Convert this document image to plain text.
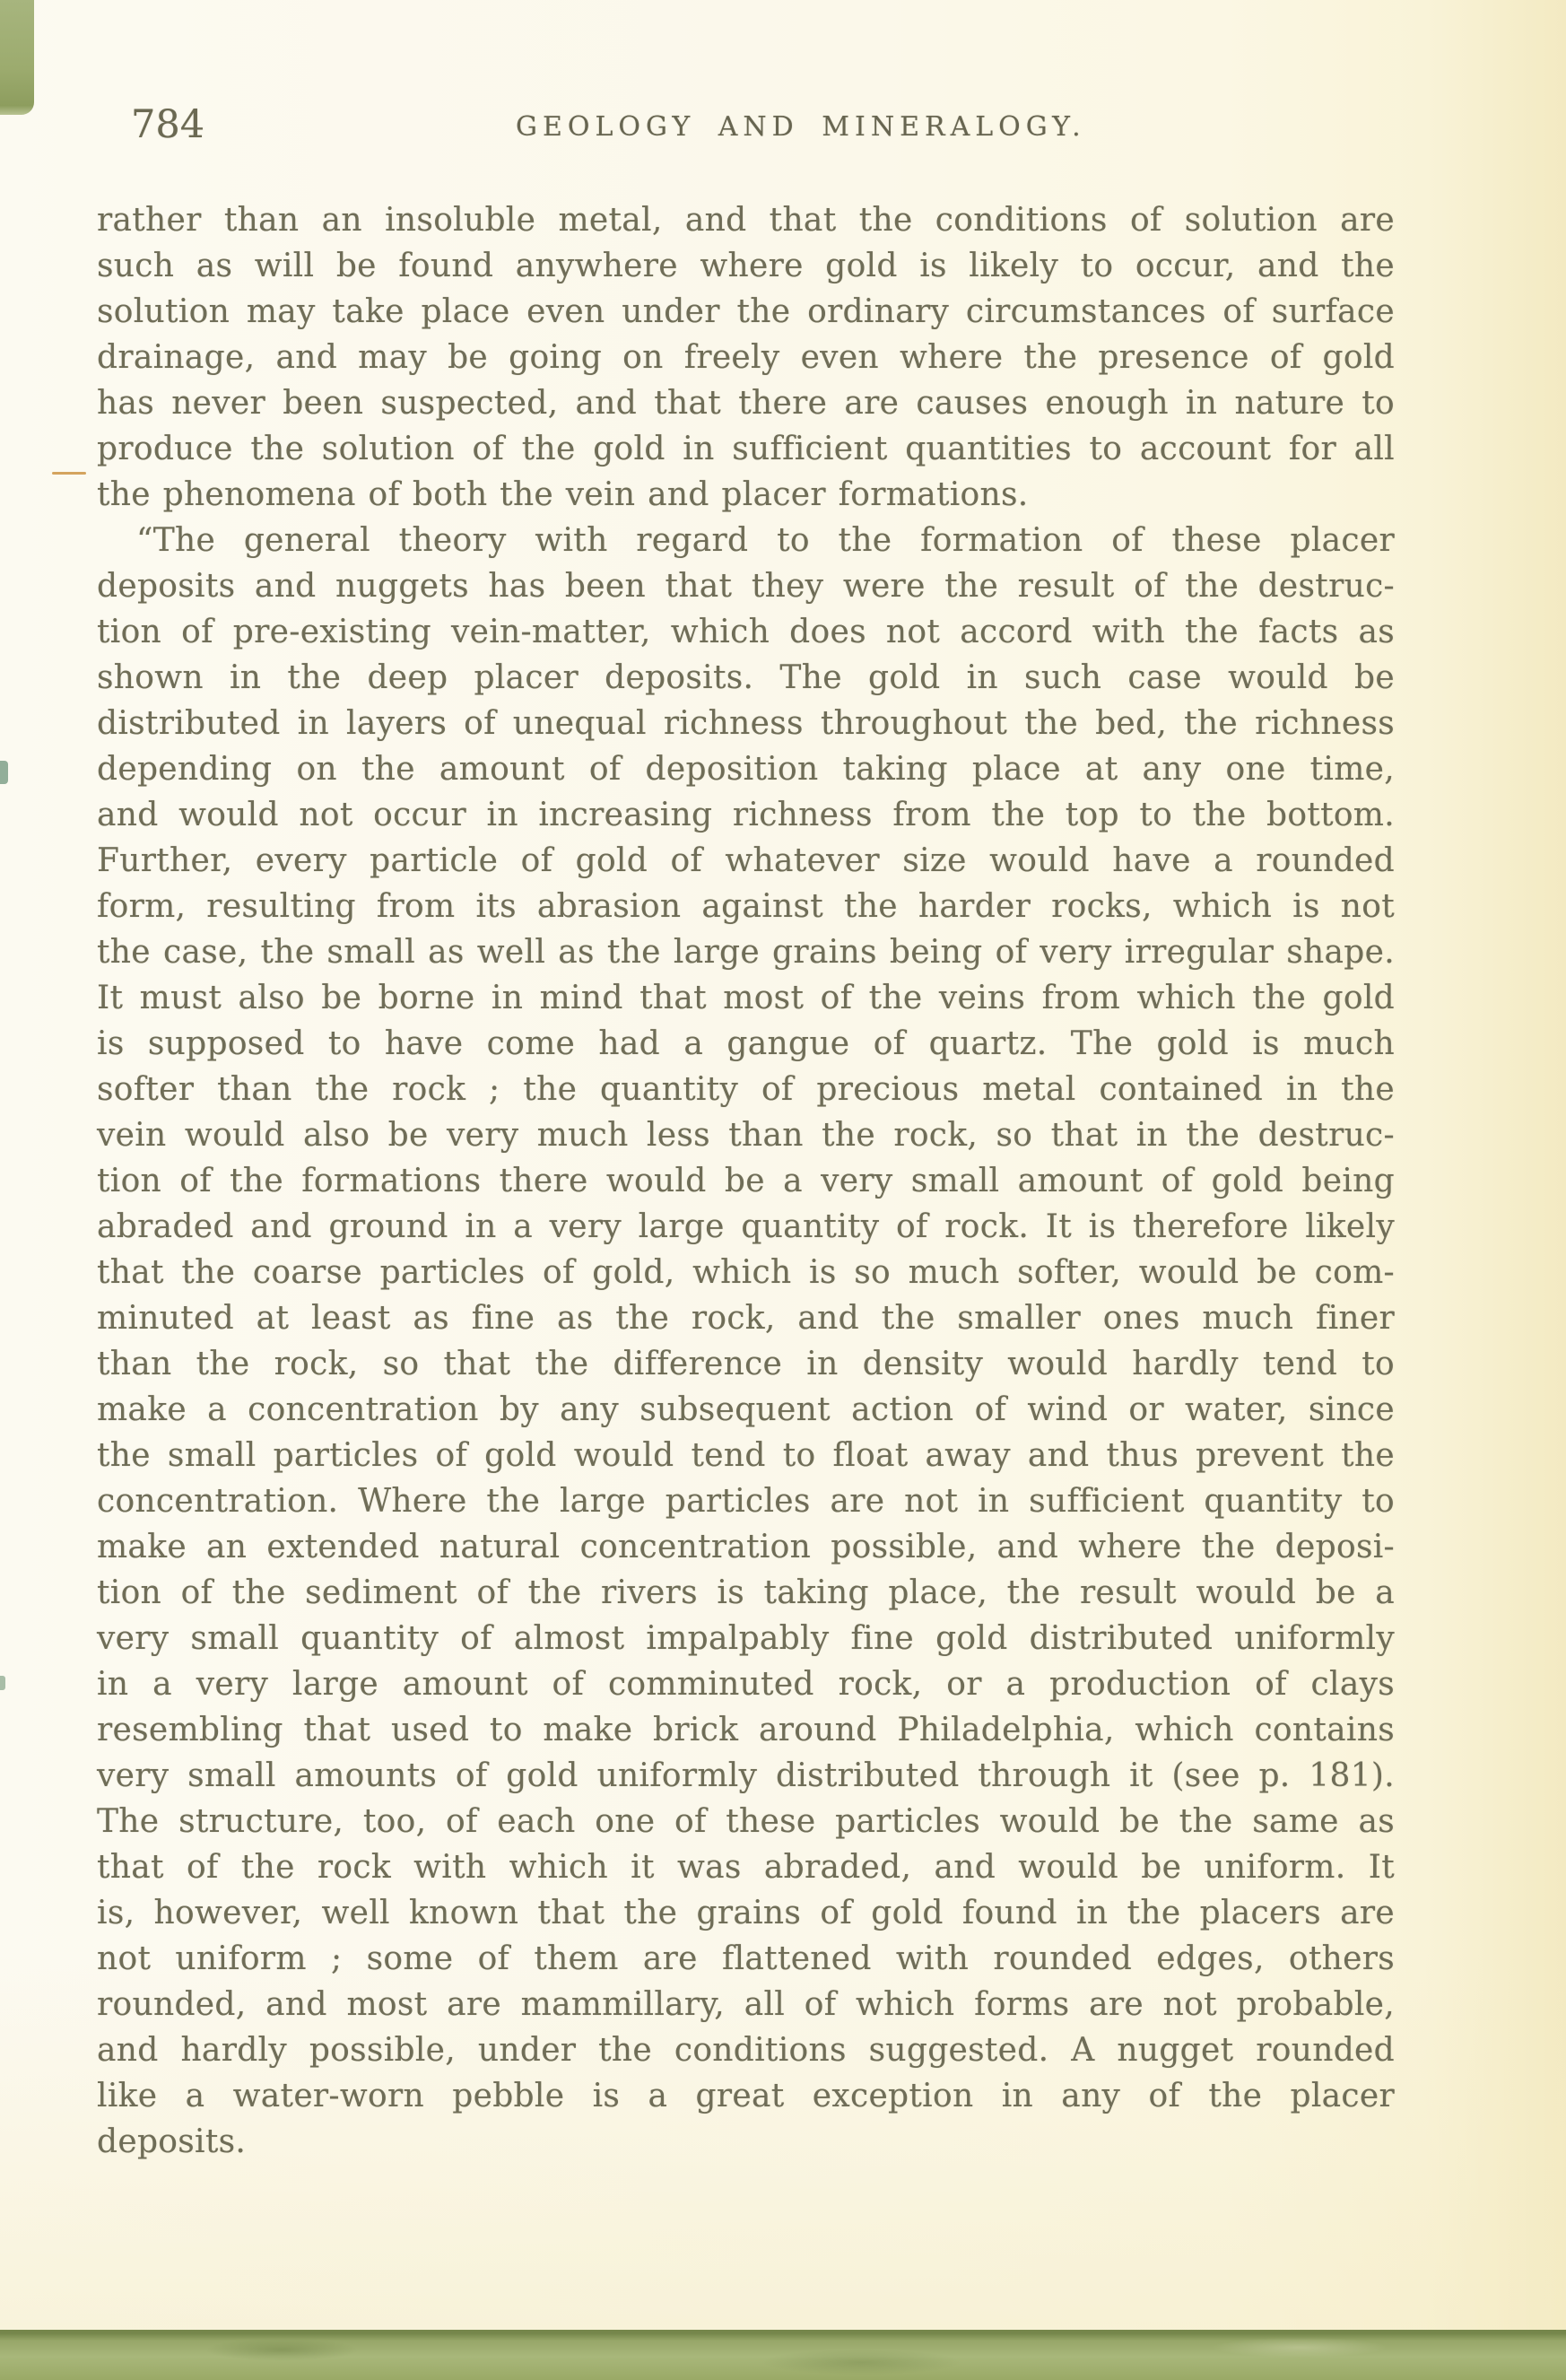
784	GEOLOGY AND MINERALOGY.
rather than an insoluble metal, and that the conditions of solution are
such as will be found anywhere where gold is likely to occur, and the
solution may take place even under the ordinary circumstances of surface
drainage, and may be going on freely even where the presence of gold
has never been suspected, and that there are causes enough in nature to
produce the solution of the gold in sufficient quantities to account for all
the phenomena of both the vein and placer formations.
“The general theory with regard to the formation of these placer
deposits and nuggets has been that they were the result of the destruc-
tion of pre-existing vein-matter, which does not accord with the facts as
shown in the deep placer deposits. The gold in such case would be
distributed in layers of unequal richness throughout the bed, the richness
depending on the amount of deposition taking place at any one time,
and would not occur in increasing richness from the top to the bottom.
Further, every particle of gold of whatever size would have a rounded
form, resulting from its abrasion against the harder rocks, which is not
the case, the small as well as the large grains being of very irregular shape.
It must also be borne in mind that most of the veins from which the gold
is supposed to have come had a gangue of quartz. The gold is much
softer than the rock ; the quantity of precious metal contained in the
vein would also be very much less than the rock, so that in the destruc-
tion of the formations there would be a very small amount of gold being
abraded and ground in a very large quantity of rock. It is therefore likely
that the coarse particles of gold, which is so much softer, would be com-
minuted at least as fine as the rock, and the smaller ones much finer
than the rock, so that the difference in density would hardly tend to
make a concentration by any subsequent action of wind or water, since
the small particles of gold would tend to float away and thus prevent the
concentration. Where the large particles are not in sufficient quantity to
make an extended natural concentration possible, and where the deposi-
tion of the sediment of the rivers is taking place, the result would be a
very small quantity of almost impalpably fine gold distributed uniformly
in a very large amount of comminuted rock, or a production of clays
resembling that used to make brick around Philadelphia, which contains
very small amounts of gold uniformly distributed through it (see p. 181).
The structure, too, of each one of these particles would be the same as
that of the rock with which it was abraded, and would be uniform. It
is, however, well known that the grains of gold found in the placers are
not uniform ; some of them are flattened with rounded edges, others
rounded, and most are mammillary, all of which forms are not probable,
and hardly possible, under the conditions suggested. A nugget rounded
like a water-worn pebble is a great exception in any of the placer
deposits.
